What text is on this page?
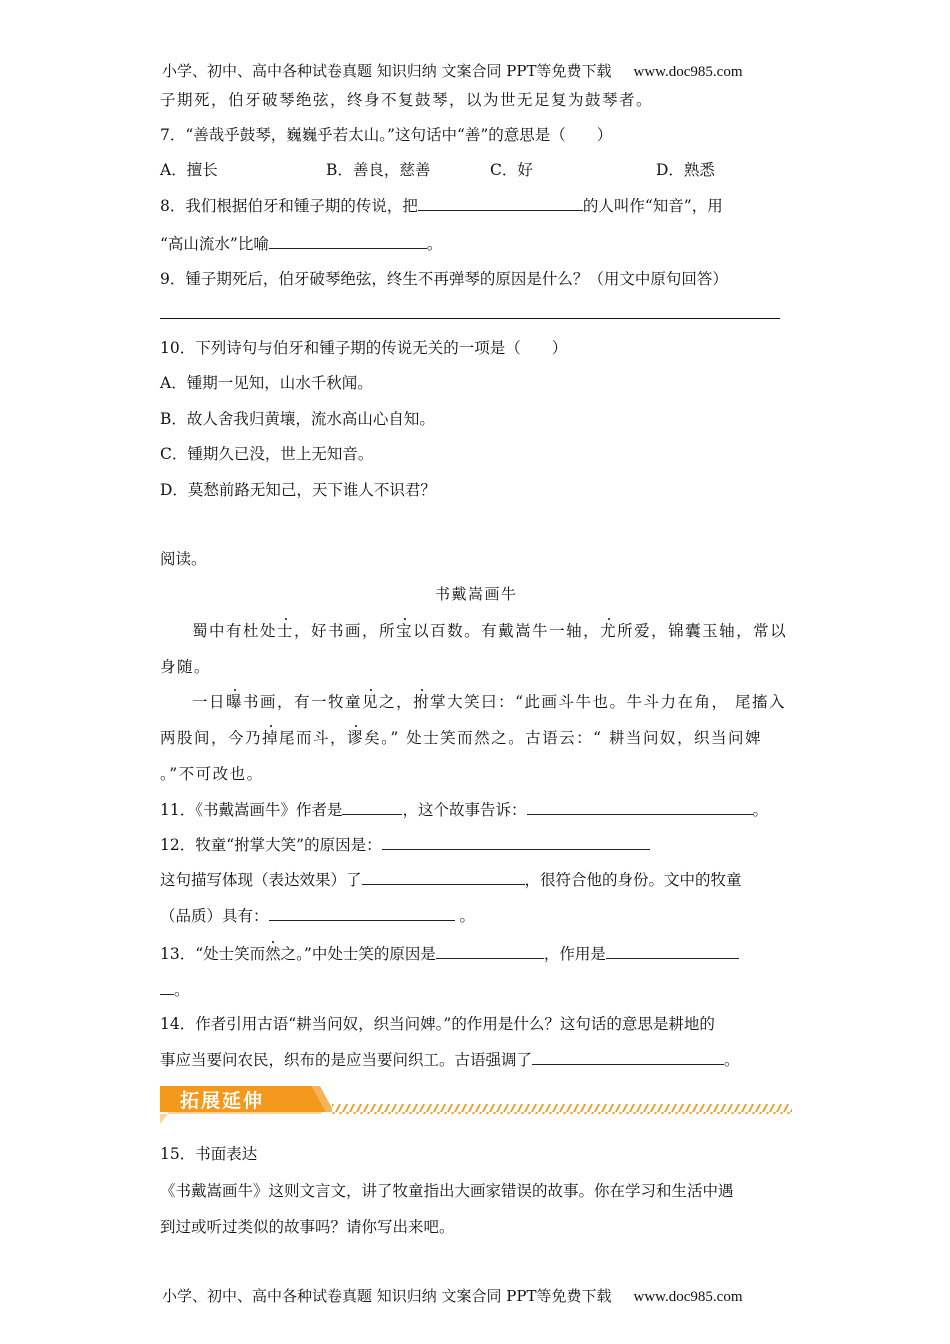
小学、初中、高中各种试卷真题 知识归纳 文案合同 PPT等免费下载 www.doc985.com
子期死，伯牙破琴绝弦，终身不复鼓琴，以为世无足复为鼓琴者。
7．“善哉乎鼓琴，巍巍乎若太山。”这句话中“善”的意思是（　　）
A．擅长	B．善良，慈善	C．好	D．熟悉
8．我们根据伯牙和锺子期的传说，把	的人叫作“知音”，用
“高山流水”比喻	。
9．锺子期死后，伯牙破琴绝弦，终生不再弹琴的原因是什么？（用文中原句回答）
10．下列诗句与伯牙和锺子期的传说无关的一项是（　　）
A．锺期一见知，山水千秋闻。
B．故人舍我归黄壤，流水高山心自知。
C．锺期久已没，世上无知音。
D．莫愁前路无知己，天下谁人不识君？
阅读。
书戴嵩画牛
蜀中有杜处士，好书画，所宝以百数。有戴嵩牛一轴，尤所爱，锦囊玉轴，常以
身随。
一日曝书画，有一牧童见之，拊掌大笑曰：“此画斗牛也。牛斗力在角， 尾搐入
两股间，今乃掉尾而斗，谬矣。” 处士笑而然之。古语云：“ 耕当问奴，织当问婢
。”不可改也。
11．《书戴嵩画牛》作者是	，这个故事告诉：	。
12．牧童“拊掌大笑”的原因是：
这句描写体现（表达效果）了	，很符合他的身份。文中的牧童
（品质）具有：	。
13．“处士笑而然之。”中处士笑的原因是	，作用是
。
14．作者引用古语“耕当问奴，织当问婢。”的作用是什么？这句话的意思是耕地的
事应当要问农民，织布的是应当要问织工。古语强调了	。
拓展延伸
15．书面表达
《书戴嵩画牛》这则文言文，讲了牧童指出大画家错误的故事。你在学习和生活中遇
到过或听过类似的故事吗？请你写出来吧。
小学、初中、高中各种试卷真题 知识归纳 文案合同 PPT等免费下载 www.doc985.com
